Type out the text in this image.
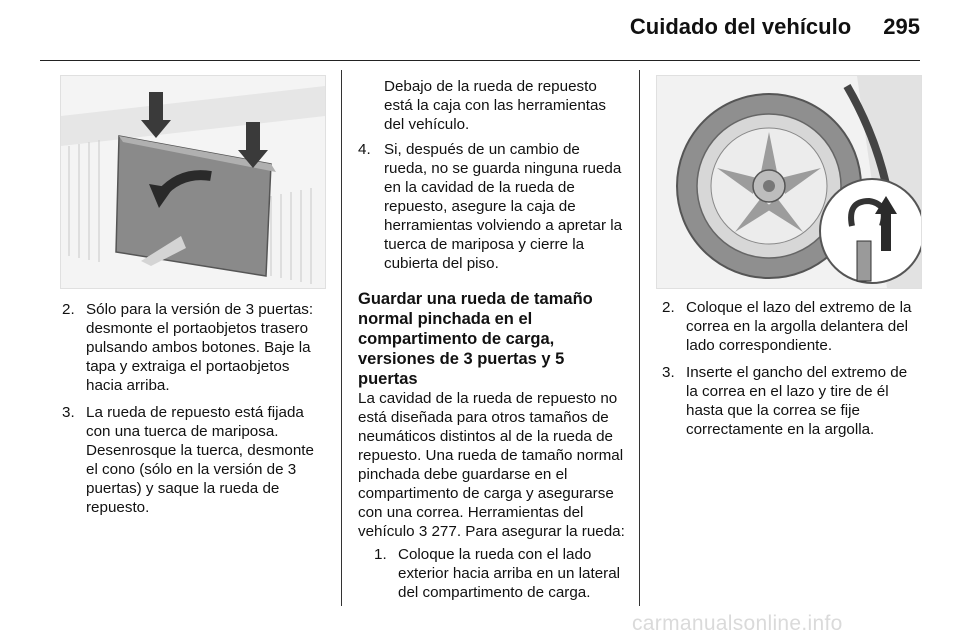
Cuidado del vehículo 295
2. Sólo para la versión de 3 puertas: desmonte el portaobjetos trasero pulsando ambos botones. Baje la tapa y extraiga el portaobjetos hacia arriba.
3. La rueda de repuesto está fijada con una tuerca de mariposa. Desenrosque la tuerca, desmonte el cono (sólo en la versión de 3 puertas) y saque la rueda de repuesto.

Debajo de la rueda de repuesto está la caja con las herramientas del vehículo.

4. Si, después de un cambio de rueda, no se guarda ninguna rueda en la cavidad de la rueda de repuesto, asegure la caja de herramientas volviendo a apretar la tuerca de mariposa y cierre la cubierta del piso.
Guardar una rueda de tamaño normal pinchada en el compartimento de carga, versiones de 3 puertas y 5 puertas

La cavidad de la rueda de repuesto no está diseñada para otros tamaños de neumáticos distintos al de la rueda de repuesto. Una rueda de tamaño normal pinchada debe guardarse en el compartimento de carga y asegurarse con una correa. Herramientas del vehículo 3 277. Para asegurar la rueda:

1. Coloque la rueda con el lado exterior hacia arriba en un lateral del compartimento de carga.
2. Coloque el lazo del extremo de la correa en la argolla delantera del lado correspondiente.
3. Inserte el gancho del extremo de la correa en el lazo y tire de él hasta que la correa se fije correctamente en la argolla.
carmanualsonline.info
